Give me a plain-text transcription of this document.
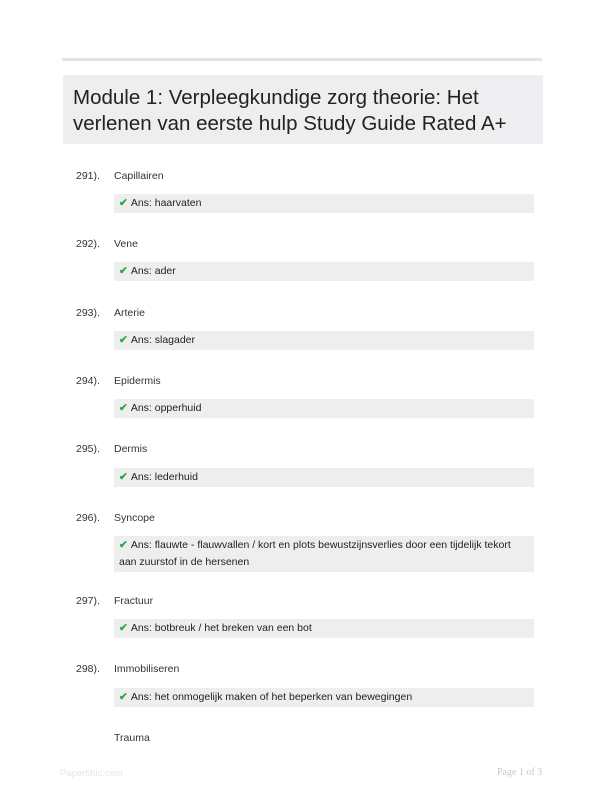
Module 1: Verpleegkundige zorg theorie: Het verlenen van eerste hulp Study Guide Rated A+
291). Capillairen
✔ Ans: haarvaten
292). Vene
✔ Ans: ader
293). Arterie
✔ Ans: slagader
294). Epidermis
✔ Ans: opperhuid
295). Dermis
✔ Ans: lederhuid
296). Syncope
✔ Ans: flauwte - flauwvallen / kort en plots bewustzijnsverlies door een tijdelijk tekort aan zuurstof in de hersenen
297). Fractuur
✔ Ans: botbreuk / het breken van een bot
298). Immobiliseren
✔ Ans: het onmogelijk maken of het beperken van bewegingen
Trauma
Paperfiftic.com	Page 1 of 3
